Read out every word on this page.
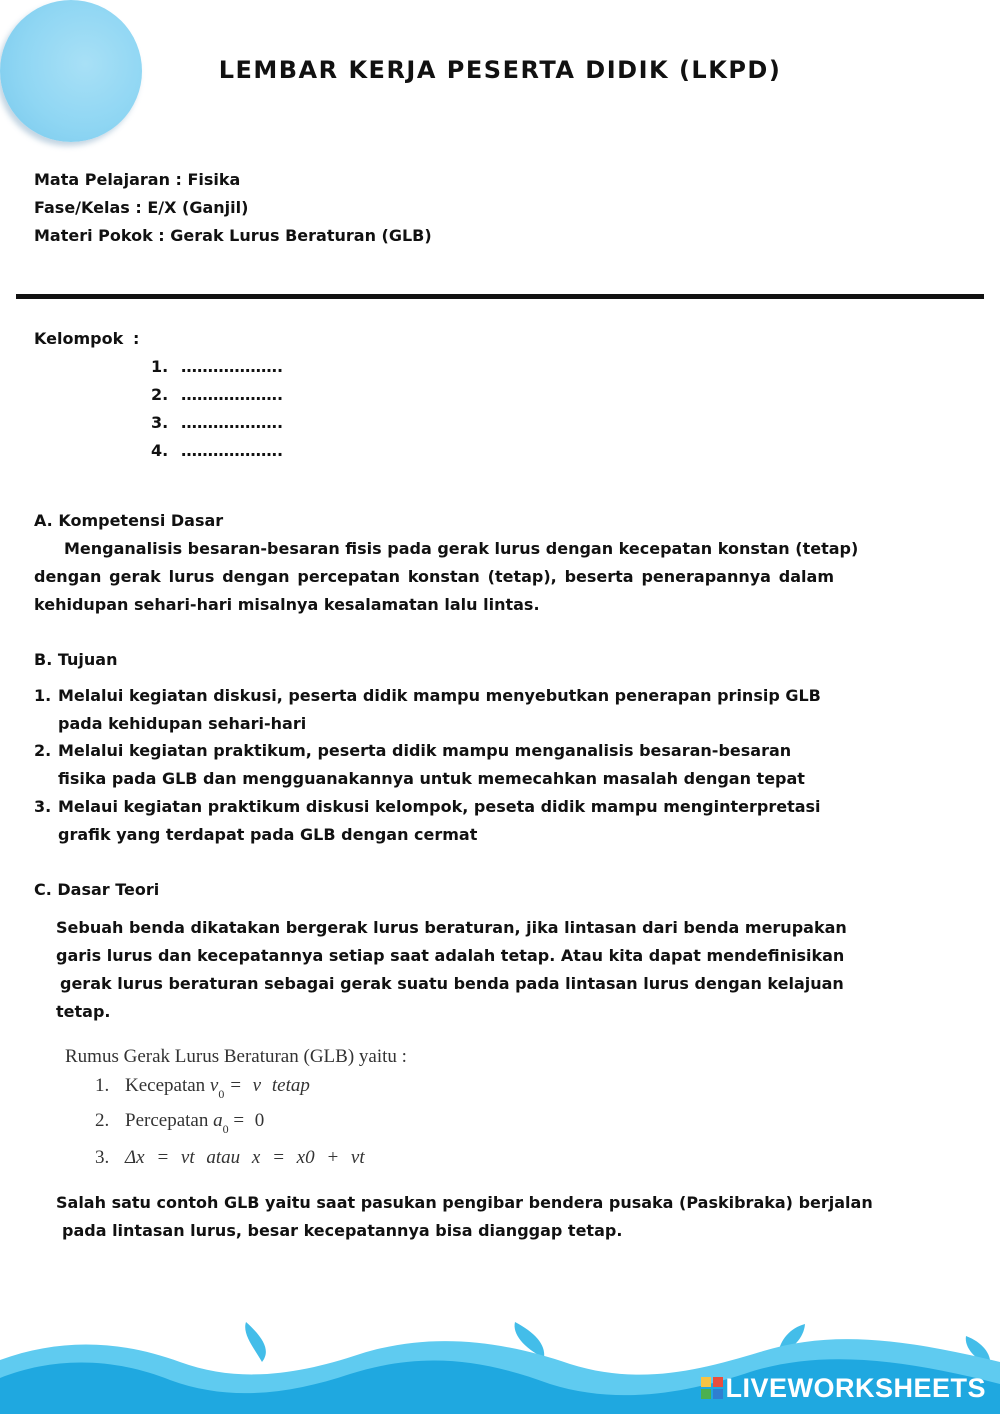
LEMBAR KERJA PESERTA DIDIK (LKPD)
Mata Pelajaran : Fisika
Fase/Kelas : E/X (Ganjil)
Materi Pokok : Gerak Lurus Beraturan (GLB)
Kelompok :
1. ……………….
2. ……………….
3. ……………….
4. ……………….
A. Kompetensi Dasar
Menganalisis besaran-besaran fisis pada gerak lurus dengan kecepatan konstan (tetap)
dengan gerak lurus dengan percepatan konstan (tetap), beserta penerapannya dalam
kehidupan sehari-hari misalnya kesalamatan lalu lintas.
B. Tujuan
1. Melalui kegiatan diskusi, peserta didik mampu menyebutkan penerapan prinsip GLB
pada kehidupan sehari-hari
2. Melalui kegiatan praktikum, peserta didik mampu menganalisis besaran-besaran
fisika pada GLB dan mengguanakannya untuk memecahkan masalah dengan tepat
3. Melaui kegiatan praktikum diskusi kelompok, peseta didik mampu menginterpretasi
grafik yang terdapat pada GLB dengan cermat
C. Dasar Teori
Sebuah benda dikatakan bergerak lurus beraturan, jika lintasan dari benda merupakan
garis lurus dan kecepatannya setiap saat adalah tetap. Atau kita dapat mendefinisikan
gerak lurus beraturan sebagai gerak suatu benda pada lintasan lurus dengan kelajuan
tetap.
Rumus Gerak Lurus Beraturan (GLB) yaitu :
1. Kecepatan $v_0 = v$ tetap
2. Percepatan $a_0 = 0$
3. Δx = vt atau x = x0 + vt
Salah satu contoh GLB yaitu saat pasukan pengibar bendera pusaka (Paskibraka) berjalan
pada lintasan lurus, besar kecepatannya bisa dianggap tetap.
LIVEWORKSHEETS
